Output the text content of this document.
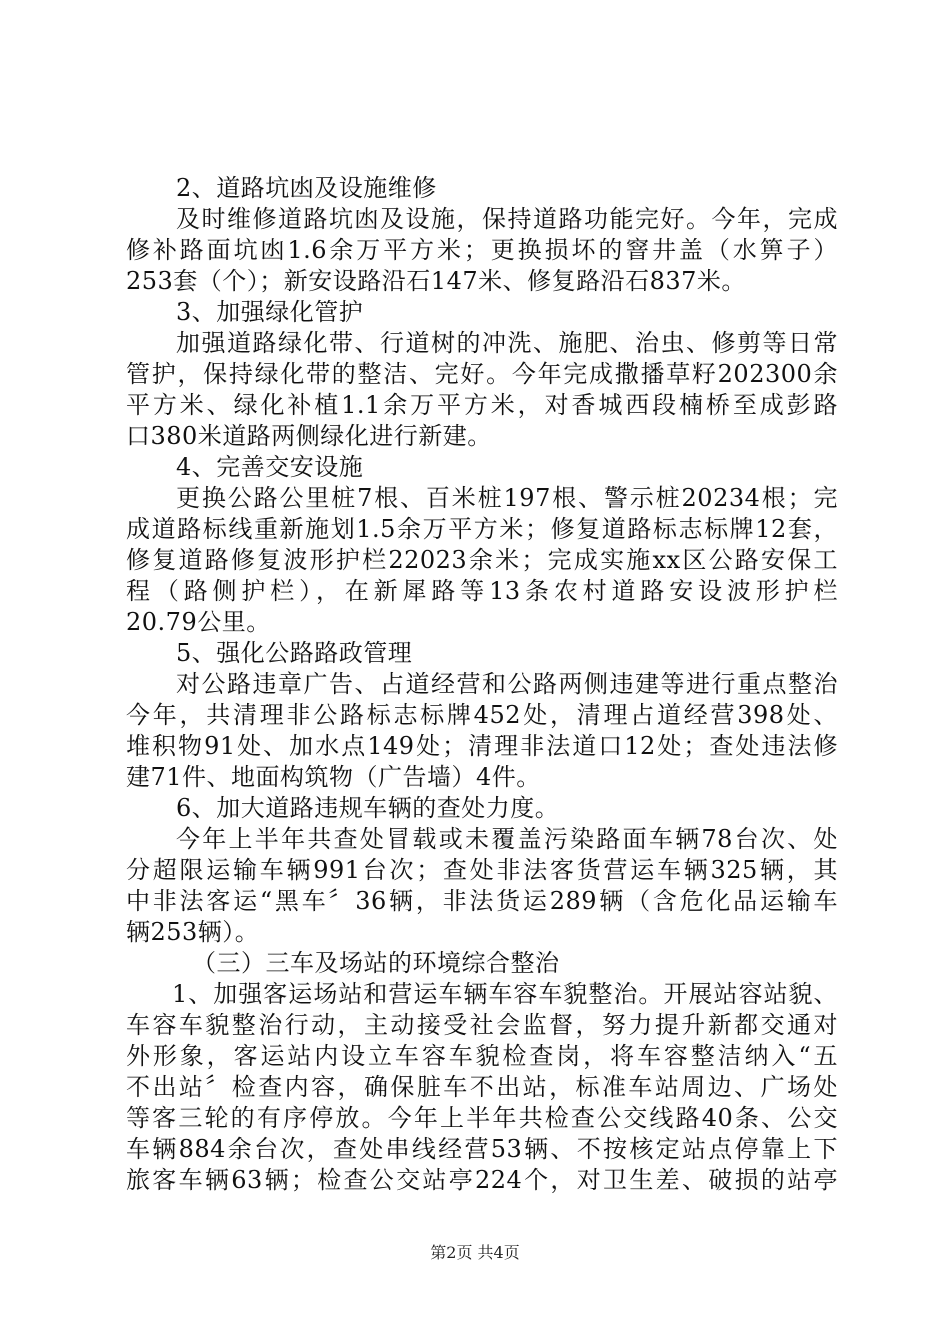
2、道路坑凼及设施维修
及时维修道路坑凼及设施，保持道路功能完好。今年，完成
修补路面坑凼1.6余万平方米；更换损坏的窨井盖（水箅子）
253套（个）；新安设路沿石147米、修复路沿石837米。
3、加强绿化管护
加强道路绿化带、行道树的冲洗、施肥、治虫、修剪等日常
管护，保持绿化带的整洁、完好。今年完成撒播草籽202300余
平方米、绿化补植1.1余万平方米，对香城西段楠桥至成彭路
口380米道路两侧绿化进行新建。
4、完善交安设施
更换公路公里桩7根、百米桩197根、警示桩20234根；完
成道路标线重新施划1.5余万平方米；修复道路标志标牌12套，
修复道路修复波形护栏22023余米；完成实施xx区公路安保工
程（路侧护栏），在新犀路等13条农村道路安设波形护栏
20.79公里。
5、强化公路路政管理
对公路违章广告、占道经营和公路两侧违建等进行重点整治
今年，共清理非公路标志标牌452处，清理占道经营398处、
堆积物91处、加水点149处；清理非法道口12处；查处违法修
建71件、地面构筑物（广告墙）4件。
6、加大道路违规车辆的查处力度。
今年上半年共查处冒载或未覆盖污染路面车辆78台次、处
分超限运输车辆991台次；查处非法客货营运车辆325辆，其
中非法客运“黑车〞36辆，非法货运289辆（含危化品运输车
辆253辆）。
（三）三车及场站的环境综合整治
1、加强客运场站和营运车辆车容车貌整治。开展站容站貌、
车容车貌整治行动，主动接受社会监督，努力提升新都交通对
外形象，客运站内设立车容车貌检查岗，将车容整洁纳入“五
不出站〞检查内容，确保脏车不出站，标准车站周边、广场处
等客三轮的有序停放。今年上半年共检查公交线路40条、公交
车辆884余台次，查处串线经营53辆、不按核定站点停靠上下
旅客车辆63辆；检查公交站亭224个，对卫生差、破损的站亭
第2页 共4页
